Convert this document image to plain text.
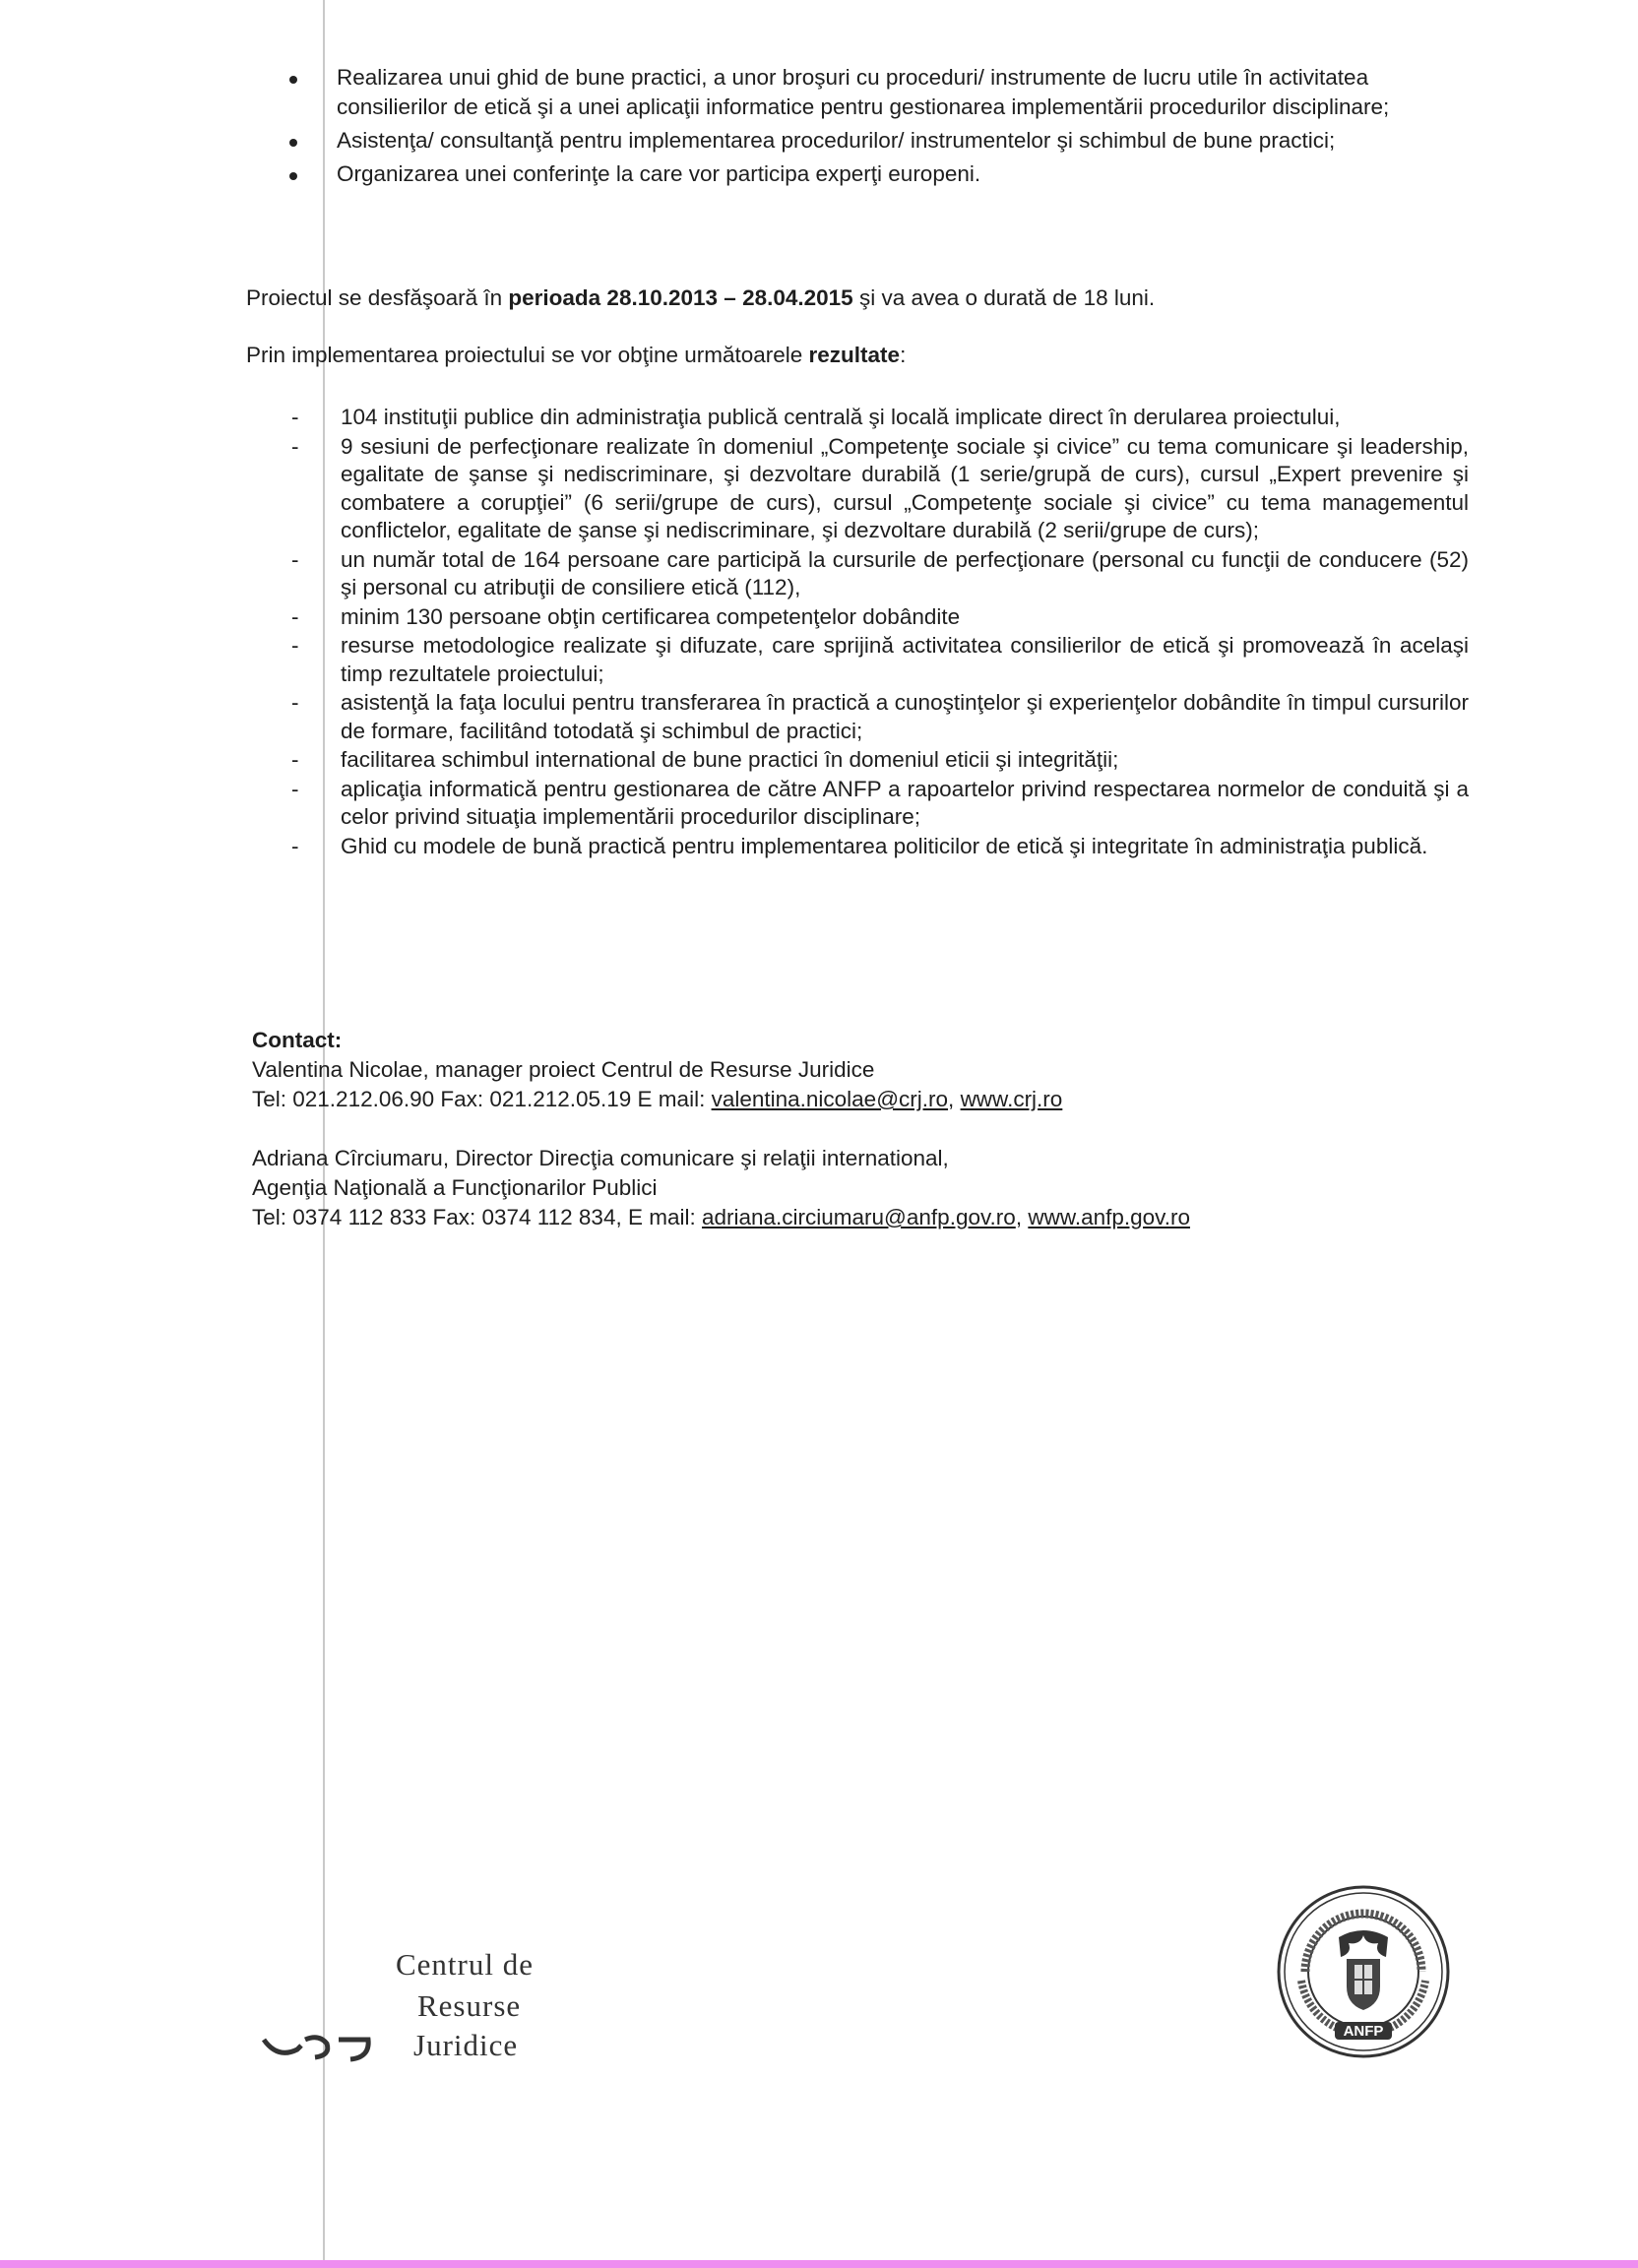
Realizarea unui ghid de bune practici, a unor broşuri cu proceduri/ instrumente de lucru utile în activitatea consilierilor de etică şi a unei aplicaţii informatice pentru gestionarea implementării procedurilor disciplinare;
Asistenţa/ consultanţă pentru implementarea procedurilor/ instrumentelor şi schimbul de bune practici;
Organizarea unei conferinţe la care vor participa experţi europeni.

Proiectul se desfăşoară în perioada 28.10.2013 – 28.04.2015 şi va avea o durată de 18 luni.

Prin implementarea proiectului se vor obţine următoarele rezultate:

- 104 instituţii publice din administraţia publică centrală şi locală implicate direct în derularea proiectului,
- 9 sesiuni de perfecţionare realizate în domeniul „Competenţe sociale şi civice” cu tema comunicare şi leadership, egalitate de şanse şi nediscriminare, şi dezvoltare durabilă (1 serie/grupă de curs), cursul „Expert prevenire şi combatere a corupţiei” (6 serii/grupe de curs), cursul „Competenţe sociale şi civice” cu tema managementul conflictelor, egalitate de şanse şi nediscriminare, şi dezvoltare durabilă (2 serii/grupe de curs);
- un număr total de 164 persoane care participă la cursurile de perfecţionare (personal cu funcţii de conducere (52) şi personal cu atribuţii de consiliere etică (112),
- minim 130 persoane obţin certificarea competenţelor dobândite
- resurse metodologice realizate şi difuzate, care sprijină activitatea consilierilor de etică şi promovează în acelaşi timp rezultatele proiectului;
- asistenţă la faţa locului pentru transferarea în practică a cunoştinţelor şi experienţelor dobândite în timpul cursurilor de formare, facilitând totodată şi schimbul de practici;
- facilitarea schimbul international de bune practici în domeniul eticii şi integrităţii;
- aplicaţia informatică pentru gestionarea de către ANFP a rapoartelor privind respectarea normelor de conduită şi a celor privind situaţia implementării procedurilor disciplinare;
- Ghid cu modele de bună practică pentru implementarea politicilor de etică şi integritate în administraţia publică.
Contact:
Valentina Nicolae, manager proiect Centrul de Resurse Juridice
Tel: 021.212.06.90 Fax: 021.212.05.19 E mail: valentina.nicolae@crj.ro, www.crj.ro
Adriana Cîrciumaru, Director Direcţia comunicare şi relaţii international,
Agenţia Naţională a Funcţionarilor Publici
Tel: 0374 112 833 Fax: 0374 112 834, E mail: adriana.circiumaru@anfp.gov.ro, www.anfp.gov.ro
Centrul de
Resurse
Juridice	ANFP
